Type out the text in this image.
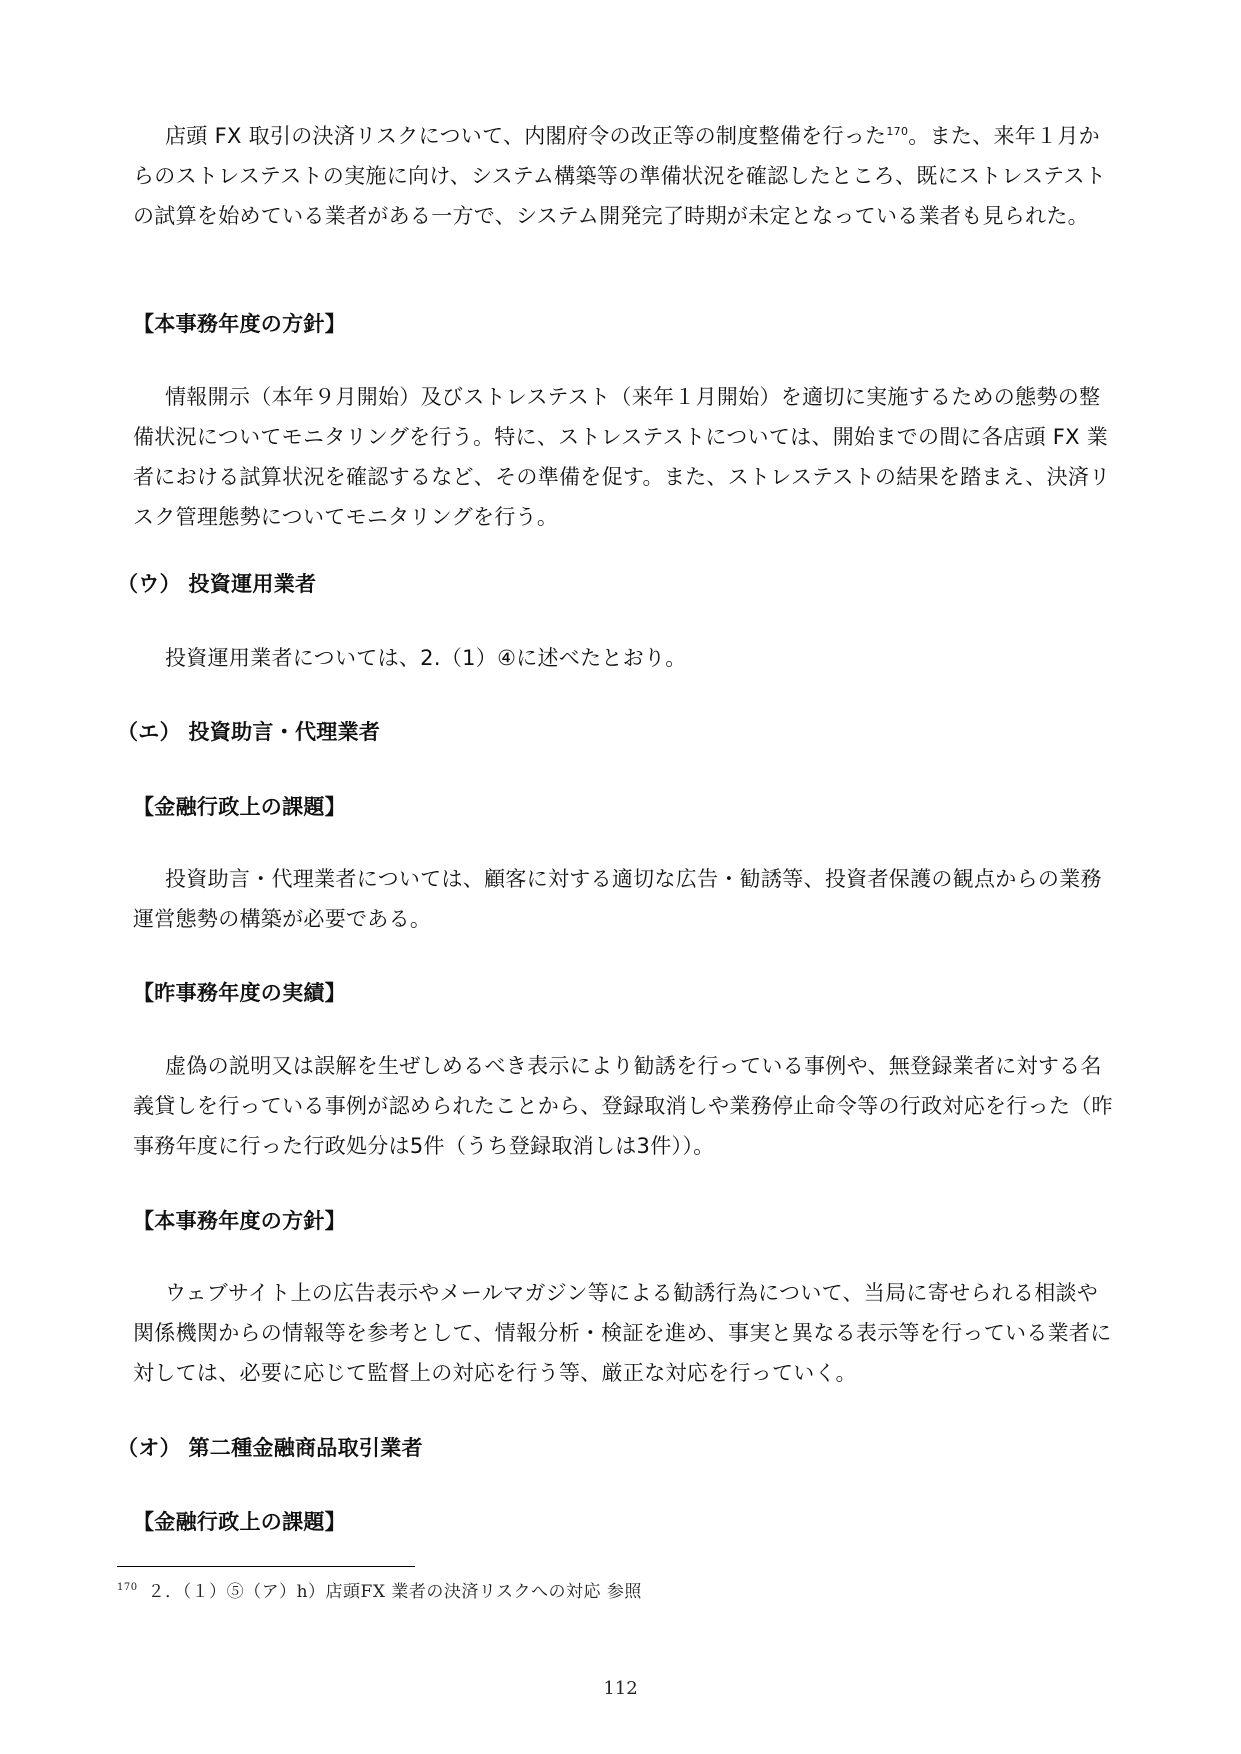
店頭 FX 取引の決済リスクについて、内閣府令の改正等の制度整備を行った$^{170}$。また、来年１月からのストレステストの実施に向け、システム構築等の準備状況を確認したところ、既にストレステストの試算を始めている業者がある一方で、システム開発完了時期が未定となっている業者も見られた。

【本事務年度の方針】

情報開示（本年９月開始）及びストレステスト（来年１月開始）を適切に実施するための態勢の整備状況についてモニタリングを行う。特に、ストレステストについては、開始までの間に各店頭 FX 業者における試算状況を確認するなど、その準備を促す。また、ストレステストの結果を踏まえ、決済リスク管理態勢についてモニタリングを行う。

（ウ） 投資運用業者

投資運用業者については、2.（1）④に述べたとおり。

（エ） 投資助言・代理業者
【金融行政上の課題】

投資助言・代理業者については、顧客に対する適切な広告・勧誘等、投資者保護の観点からの業務運営態勢の構築が必要である。

【昨事務年度の実績】

虚偽の説明又は誤解を生ぜしめるべき表示により勧誘を行っている事例や、無登録業者に対する名義貸しを行っている事例が認められたことから、登録取消しや業務停止命令等の行政対応を行った（昨事務年度に行った行政処分は5件（うち登録取消しは3件））。

【本事務年度の方針】

ウェブサイト上の広告表示やメールマガジン等による勧誘行為について、当局に寄せられる相談や関係機関からの情報等を参考として、情報分析・検証を進め、事実と異なる表示等を行っている業者に対しては、必要に応じて監督上の対応を行う等、厳正な対応を行っていく。

（オ） 第二種金融商品取引業者
【金融行政上の課題】
$^{170}$ ２．（１）⑤（ア）h）店頭FX 業者の決済リスクへの対応 参照
112
